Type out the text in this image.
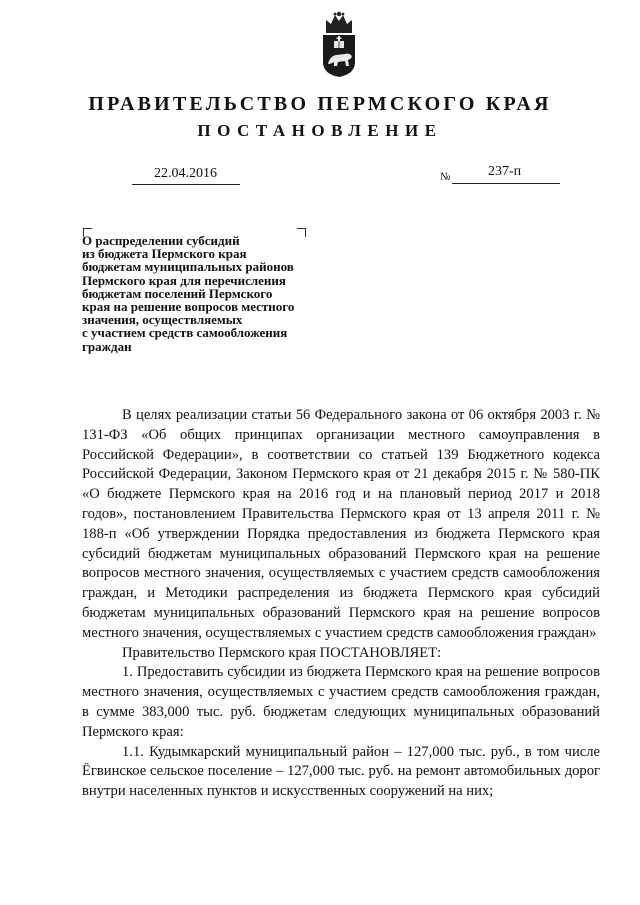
ПРАВИТЕЛЬСТВО ПЕРМСКОГО КРАЯ
ПОСТАНОВЛЕНИЕ
22.04.2016	№	237-п
О распределении субсидий
из бюджета Пермского края
бюджетам муниципальных районов
Пермского края для перечисления
бюджетам поселений Пермского
края на решение вопросов местного
значения, осуществляемых
с участием средств самообложения
граждан

В целях реализации статьи 56 Федерального закона от 06 октября 2003 г. № 131-ФЗ «Об общих принципах организации местного самоуправления в Российской Федерации», в соответствии со статьей 139 Бюджетного кодекса Российской Федерации, Законом Пермского края от 21 декабря 2015 г. № 580-ПК «О бюджете Пермского края на 2016 год и на плановый период 2017 и 2018 годов», постановлением Правительства Пермского края от 13 апреля 2011 г. № 188-п «Об утверждении Порядка предоставления из бюджета Пермского края субсидий бюджетам муниципальных образований Пермского края на решение вопросов местного значения, осуществляемых с участием средств самообложения граждан, и Методики распределения из бюджета Пермского края субсидий бюджетам муниципальных образований Пермского края на решение вопросов местного значения, осуществляемых с участием средств самообложения граждан»

Правительство Пермского края ПОСТАНОВЛЯЕТ:

1. Предоставить субсидии из бюджета Пермского края на решение вопросов местного значения, осуществляемых с участием средств самообложения граждан, в сумме 383,000 тыс. руб. бюджетам следующих муниципальных образований Пермского края:

1.1. Кудымкарский муниципальный район – 127,000 тыс. руб., в том числе Ёгвинское сельское поселение – 127,000 тыс. руб. на ремонт автомобильных дорог внутри населенных пунктов и искусственных сооружений на них;
